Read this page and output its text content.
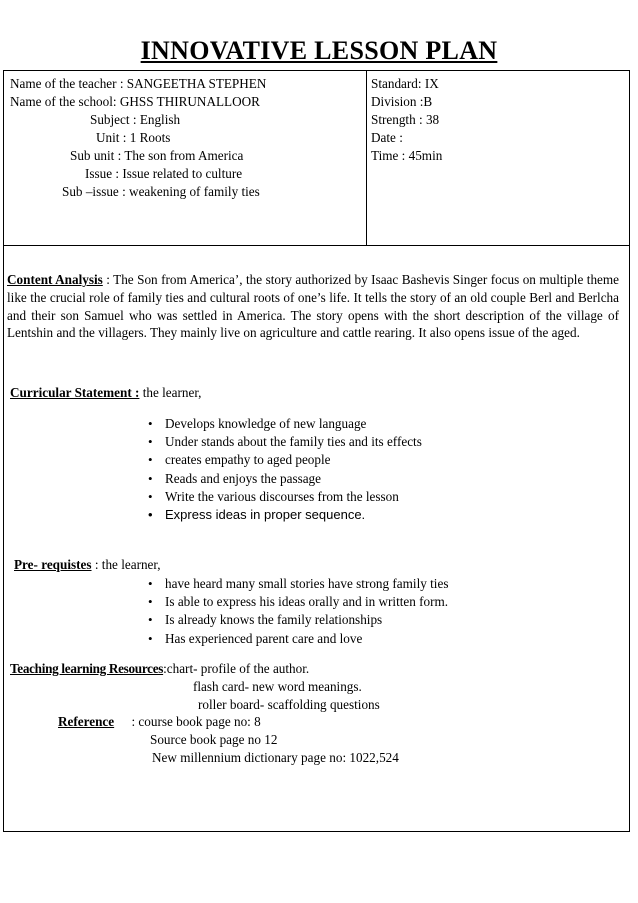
INNOVATIVE LESSON PLAN
Name of the teacher : SANGEETHA STEPHEN
Name of the school: GHSS THIRUNALLOOR
Subject : English
Unit : 1 Roots
Sub unit : The son from America
Issue : Issue related to culture
Sub –issue : weakening of family ties
Standard: IX
Division :B
Strength : 38
Date :
Time : 45min
Content Analysis : The Son from America’, the story authorized by Isaac Bashevis Singer focus on multiple theme like the crucial role of family ties and cultural roots of one’s life. It tells the story of an old couple Berl and Berlcha and their son Samuel who was settled in America. The story opens with the short description of the village of Lentshin and the villagers. They mainly live on agriculture and cattle rearing. It also opens issue of the aged.
Curricular Statement : the learner,
• Develops knowledge of new language
• Under stands about the family ties and its effects
• creates empathy to aged people
• Reads and enjoys the passage
• Write the various discourses from the lesson
• Express ideas in proper sequence.
Pre- requistes : the learner,
• have heard many small stories have strong family ties
• Is able to express his ideas orally and in written form.
• Is already knows the family relationships
• Has experienced parent care and love
Teaching learning Resources:chart- profile of the author.
flash card- new word meanings.
roller board- scaffolding questions
Reference : course book page no: 8
Source book page no 12
New millennium dictionary page no: 1022,524
